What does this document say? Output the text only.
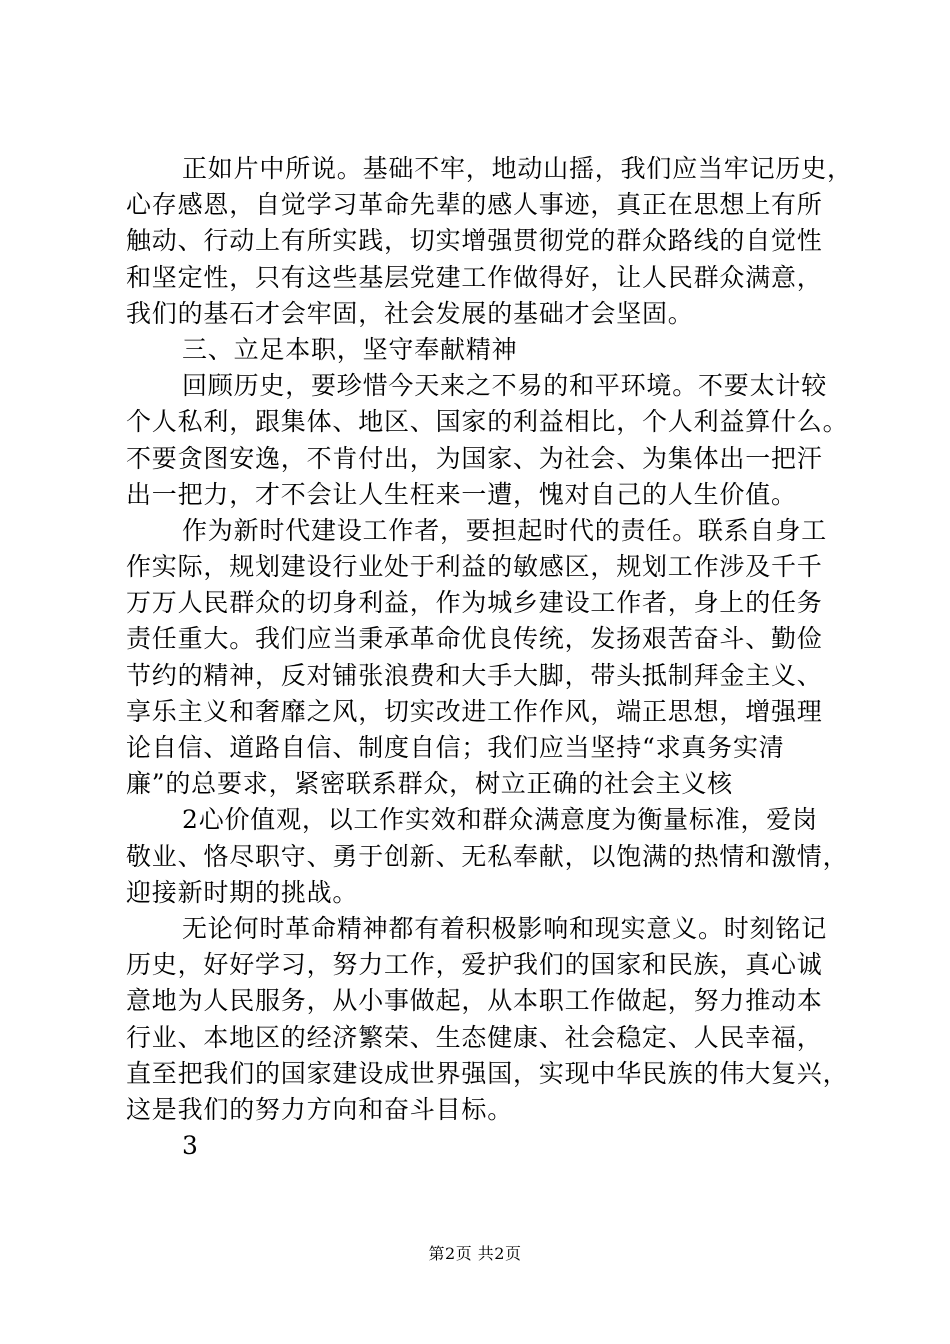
正如片中所说。基础不牢，地动山摇，我们应当牢记历史，
心存感恩，自觉学习革命先辈的感人事迹，真正在思想上有所
触动、行动上有所实践，切实增强贯彻党的群众路线的自觉性
和坚定性，只有这些基层党建工作做得好，让人民群众满意，
我们的基石才会牢固，社会发展的基础才会坚固。
三、立足本职，坚守奉献精神
回顾历史，要珍惜今天来之不易的和平环境。不要太计较
个人私利，跟集体、地区、国家的利益相比，个人利益算什么。
不要贪图安逸，不肯付出，为国家、为社会、为集体出一把汗
出一把力，才不会让人生枉来一遭，愧对自己的人生价值。
作为新时代建设工作者，要担起时代的责任。联系自身工
作实际，规划建设行业处于利益的敏感区，规划工作涉及千千
万万人民群众的切身利益，作为城乡建设工作者，身上的任务
责任重大。我们应当秉承革命优良传统，发扬艰苦奋斗、勤俭
节约的精神，反对铺张浪费和大手大脚，带头抵制拜金主义、
享乐主义和奢靡之风，切实改进工作作风，端正思想，增强理
论自信、道路自信、制度自信；我们应当坚持“求真务实清
廉”的总要求，紧密联系群众，树立正确的社会主义核
2心价值观，以工作实效和群众满意度为衡量标准，爱岗
敬业、恪尽职守、勇于创新、无私奉献，以饱满的热情和激情，
迎接新时期的挑战。
无论何时革命精神都有着积极影响和现实意义。时刻铭记
历史，好好学习，努力工作，爱护我们的国家和民族，真心诚
意地为人民服务，从小事做起，从本职工作做起，努力推动本
行业、本地区的经济繁荣、生态健康、社会稳定、人民幸福，
直至把我们的国家建设成世界强国，实现中华民族的伟大复兴，
这是我们的努力方向和奋斗目标。
3
第2页 共2页
